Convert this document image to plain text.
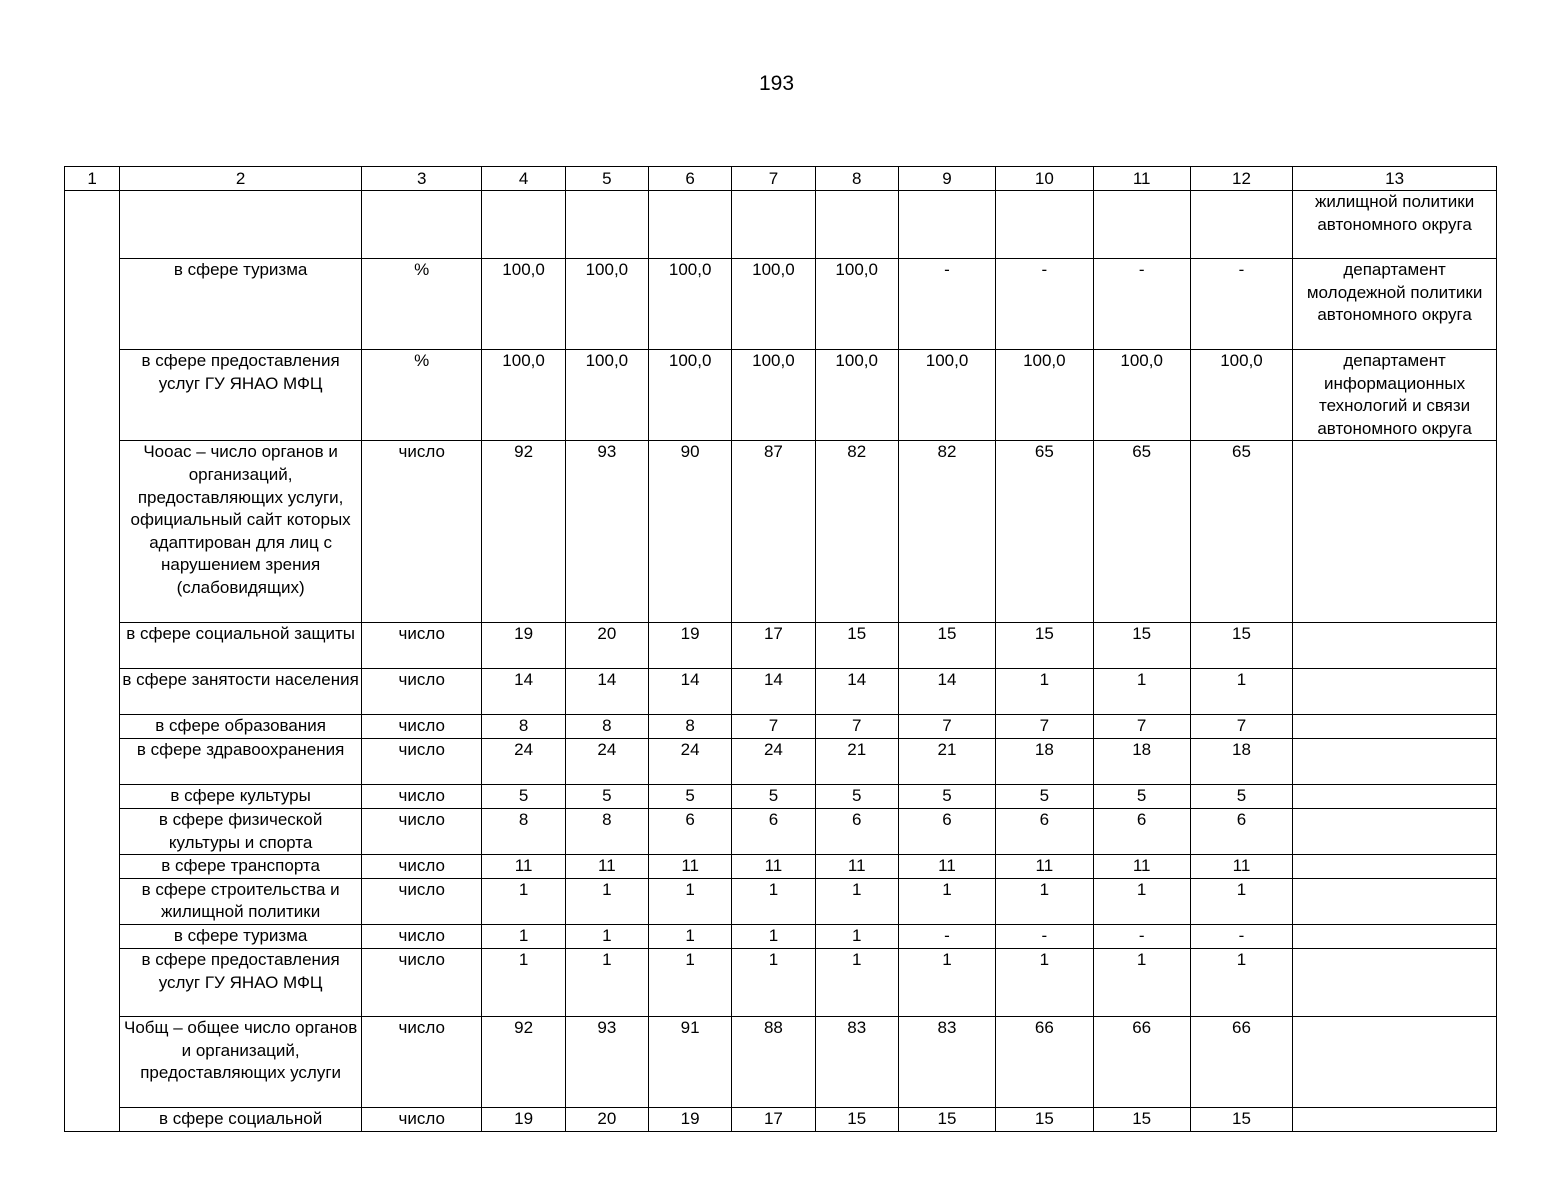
193
1	2	3	4	5	6	7	8	9	10	11	12	13
												жилищной политики автономного округа
	в сфере туризма	%	100,0	100,0	100,0	100,0	100,0	-	-	-	-	департамент молодежной политики автономного округа
	в сфере предоставления услуг ГУ ЯНАО МФЦ	%	100,0	100,0	100,0	100,0	100,0	100,0	100,0	100,0	100,0	департамент информационных технологий и связи автономного округа
	Чооас – число органов и организаций, предоставляющих услуги, официальный сайт которых адаптирован для лиц с нарушением зрения (слабовидящих)	число	92	93	90	87	82	82	65	65	65	
	в сфере социальной защиты	число	19	20	19	17	15	15	15	15	15	
	в сфере занятости населения	число	14	14	14	14	14	14	1	1	1	
	в сфере образования	число	8	8	8	7	7	7	7	7	7	
	в сфере здравоохранения	число	24	24	24	24	21	21	18	18	18	
	в сфере культуры	число	5	5	5	5	5	5	5	5	5	
	в сфере физической культуры и спорта	число	8	8	6	6	6	6	6	6	6	
	в сфере транспорта	число	11	11	11	11	11	11	11	11	11	
	в сфере строительства и жилищной политики	число	1	1	1	1	1	1	1	1	1	
	в сфере туризма	число	1	1	1	1	1	-	-	-	-	
	в сфере предоставления услуг ГУ ЯНАО МФЦ	число	1	1	1	1	1	1	1	1	1	
	Чобщ – общее число органов и организаций, предоставляющих услуги	число	92	93	91	88	83	83	66	66	66	
	в сфере социальной	число	19	20	19	17	15	15	15	15	15	
